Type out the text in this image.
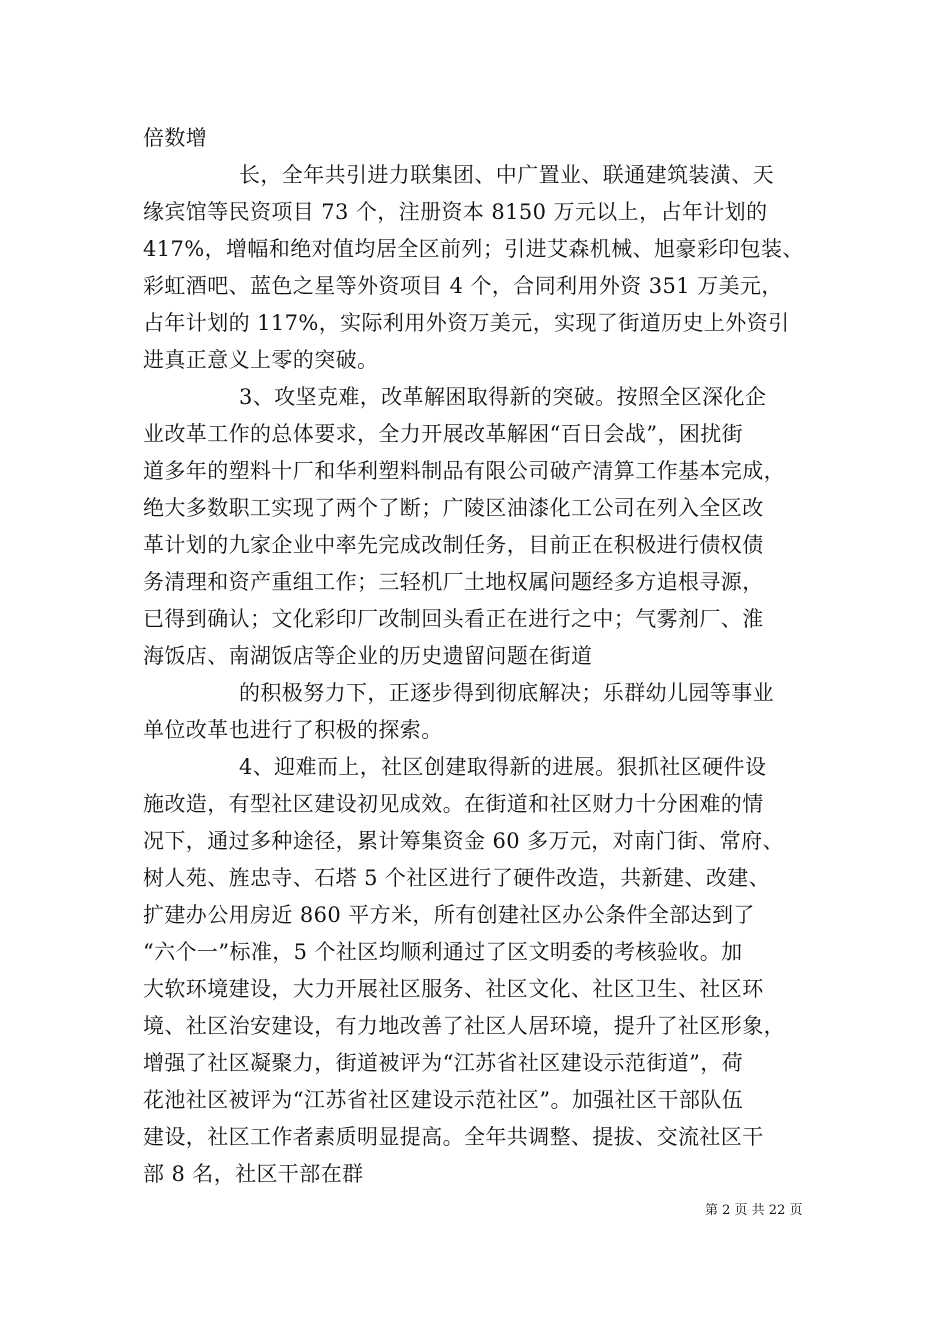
倍数增
长，全年共引进力联集团、中广置业、联通建筑装潢、天
缘宾馆等民资项目 73 个，注册资本 8150 万元以上，占年计划的
417%，增幅和绝对值均居全区前列；引进艾森机械、旭豪彩印包装、
彩虹酒吧、蓝色之星等外资项目 4 个，合同利用外资 351 万美元，
占年计划的 117%，实际利用外资万美元，实现了街道历史上外资引
进真正意义上零的突破。
3、攻坚克难，改革解困取得新的突破。按照全区深化企
业改革工作的总体要求，全力开展改革解困“百日会战”，困扰街
道多年的塑料十厂和华利塑料制品有限公司破产清算工作基本完成，
绝大多数职工实现了两个了断；广陵区油漆化工公司在列入全区改
革计划的九家企业中率先完成改制任务，目前正在积极进行债权债
务清理和资产重组工作；三轻机厂土地权属问题经多方追根寻源，
已得到确认；文化彩印厂改制回头看正在进行之中；气雾剂厂、淮
海饭店、南湖饭店等企业的历史遗留问题在街道
的积极努力下，正逐步得到彻底解决；乐群幼儿园等事业
单位改革也进行了积极的探索。
4、迎难而上，社区创建取得新的进展。狠抓社区硬件设
施改造，有型社区建设初见成效。在街道和社区财力十分困难的情
况下，通过多种途径，累计筹集资金 60 多万元，对南门街、常府、
树人苑、旌忠寺、石塔 5 个社区进行了硬件改造，共新建、改建、
扩建办公用房近 860 平方米，所有创建社区办公条件全部达到了
“六个一”标准，5 个社区均顺利通过了区文明委的考核验收。加
大软环境建设，大力开展社区服务、社区文化、社区卫生、社区环
境、社区治安建设，有力地改善了社区人居环境，提升了社区形象，
增强了社区凝聚力，街道被评为“江苏省社区建设示范街道”，荷
花池社区被评为“江苏省社区建设示范社区”。加强社区干部队伍
建设，社区工作者素质明显提高。全年共调整、提拔、交流社区干
部 8 名，社区干部在群
第 2 页 共 22 页
